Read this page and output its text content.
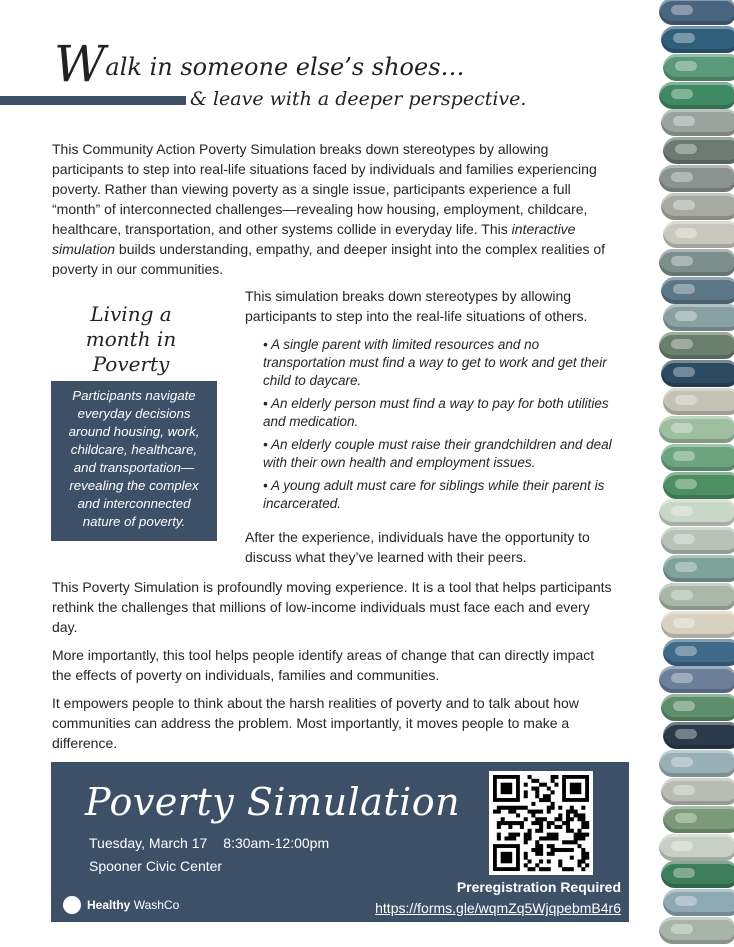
Walk in someone else’s shoes…
& leave with a deeper perspective.

This Community Action Poverty Simulation breaks down stereotypes by allowing participants to step into real-life situations faced by individuals and families experiencing poverty. Rather than viewing poverty as a single issue, participants experience a full “month” of interconnected challenges—revealing how housing, employment, childcare, healthcare, transportation, and other systems collide in everyday life. This interactive simulation builds understanding, empathy, and deeper insight into the complex realities of poverty in our communities.

Living a month in Poverty
Participants navigate everyday decisions around housing, work, childcare, healthcare, and transportation—revealing the complex and interconnected nature of poverty.

This simulation breaks down stereotypes by allowing participants to step into the real-life situations of others.

• A single parent with limited resources and no transportation must find a way to get to work and get their child to daycare.
• An elderly person must find a way to pay for both utilities and medication.
• An elderly couple must raise their grandchildren and deal with their own health and employment issues.
• A young adult must care for siblings while their parent is incarcerated.

After the experience, individuals have the opportunity to discuss what they’ve learned with their peers.

This Poverty Simulation is profoundly moving experience. It is a tool that helps participants rethink the challenges that millions of low-income individuals must face each and every day.

More importantly, this tool helps people identify areas of change that can directly impact the effects of poverty on individuals, families and communities.

It empowers people to think about the harsh realities of poverty and to talk about how communities can address the problem. Most importantly, it moves people to make a difference.

Poverty Simulation
Tuesday, March 17 8:30am-12:00pm
Spooner Civic Center
Healthy WashCo
Preregistration Required
https://forms.gle/wqmZq5WjqpebmB4r6
